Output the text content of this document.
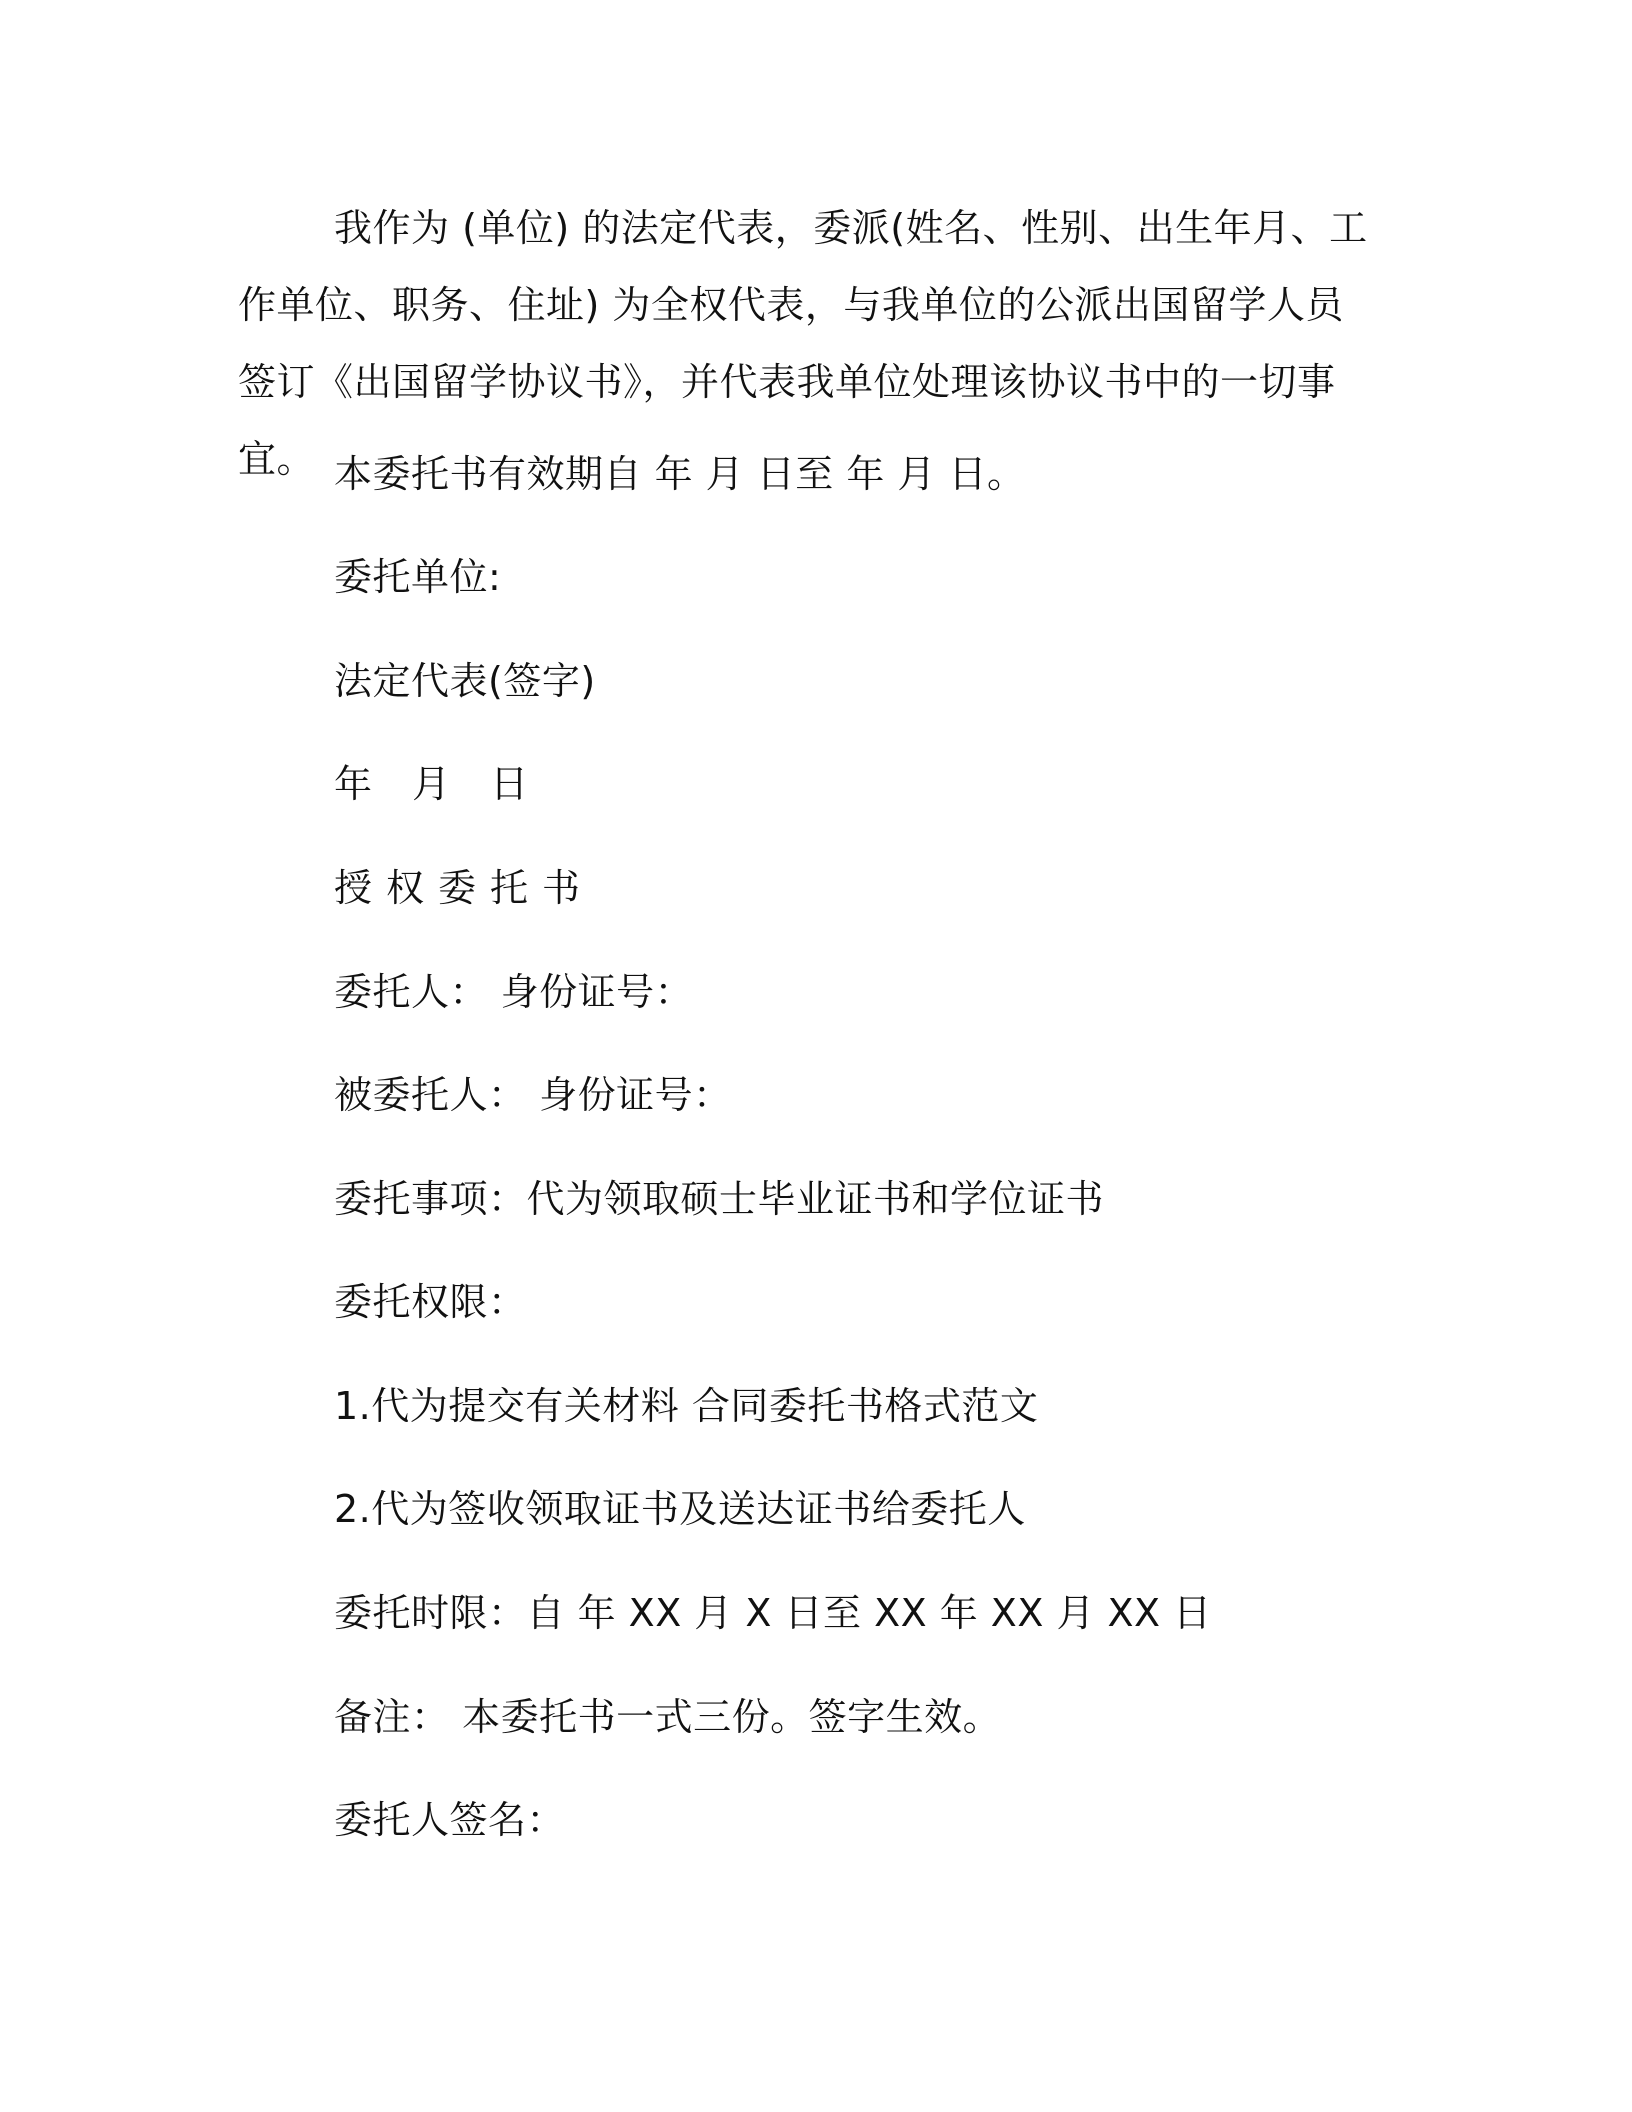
我作为 (单位) 的法定代表，委派(姓名、性别、出生年月、工作单位、职务、住址) 为全权代表，与我单位的公派出国留学人员签订《出国留学协议书》，并代表我单位处理该协议书中的一切事宜。 本委托书有效期自 年 月 日至 年 月 日。

委托单位:

法定代表(签字)

年 月 日

授权委托书

委托人： 身份证号：

被委托人： 身份证号：

委托事项：代为领取硕士毕业证书和学位证书

委托权限：

1.代为提交有关材料 合同委托书格式范文

2.代为签收领取证书及送达证书给委托人

委托时限：自 年 XX 月 X 日至 XX 年 XX 月 XX 日

备注： 本委托书一式三份。签字生效。

委托人签名：
